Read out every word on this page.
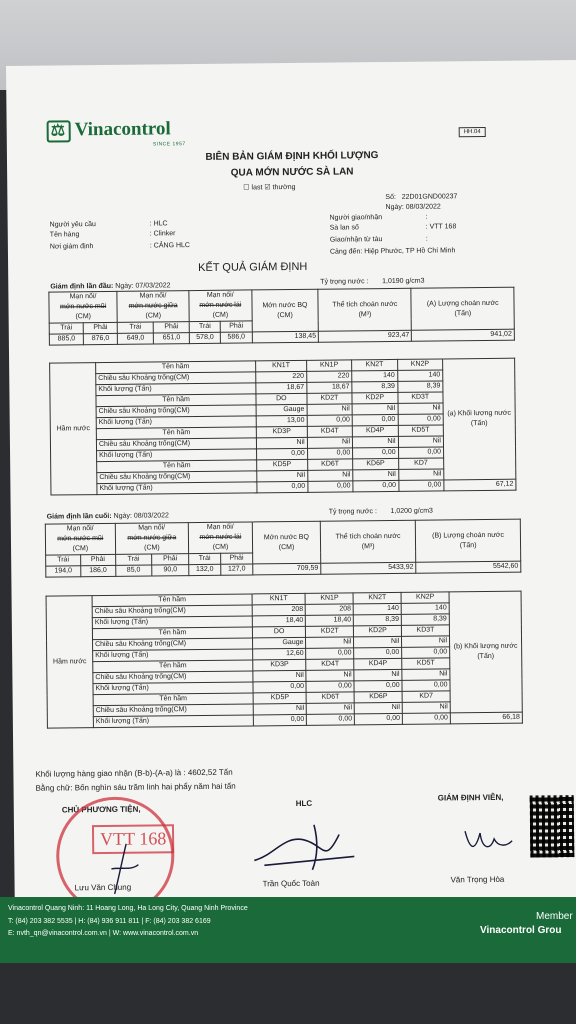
⚖Vinacontrol
SINCE 1957
HH.04
BIÊN BẢN GIÁM ĐỊNH KHỐI LƯỢNG
QUA MỚN NƯỚC SÀ LAN
☐ last ☑ thường
Số: 22D01GND00237
Ngày: 08/03/2022
Người yêu cầu	: HLC
Tên hàng	: Clinker
Nơi giám định	: CẢNG HLC
Người giao/nhận	:
Sà lan số	: VTT 168
Giao/nhận từ tàu	:
Cảng đến: Hiệp Phước, TP Hồ Chí Minh
KẾT QUẢ GIÁM ĐỊNH
Giám định lần đầu: Ngày: 07/03/2022
Tỷ trọng nước : 1,0190 g/cm3
Mạn nối/
mớn nước mũi
(CM)		Mạn nối/
mớn nước giữa
(CM)		Mạn nối/
mớn nước lái
(CM)		Mớn nước BQ
(CM)	Thể tích choán nước
(M³)	(A) Lượng choán nước
(Tấn)
Trái	Phải	Trái	Phải	Trái	Phải			
885,0	876,0	649,0	651,0	578,0	586,0	138,45	923,47	941,02
Hầm nước	Tên hầm	KN1T	KN1P	KN2T	KN2P	(a) Khối lượng nước (Tấn)
	Chiều sâu Khoảng trống(CM)	220	220	140	140	
	Khối lượng (Tấn)	18,67	18,67	8,39	8,39	
	Tên hầm	DO	KD2T	KD2P	KD3T	
	Chiều sâu Khoảng trống(CM)	Gauge	Nil	Nil	Nil	
	Khối lượng (Tấn)	13,00	0,00	0,00	0,00	
	Tên hầm	KD3P	KD4T	KD4P	KD5T	
	Chiều sâu Khoảng trống(CM)	Nil	Nil	Nil	Nil	
	Khối lượng (Tấn)	0,00	0,00	0,00	0,00	
	Tên hầm	KD5P	KD6T	KD6P	KD7	
	Chiều sâu Khoảng trống(CM)	Nil	Nil	Nil	Nil	
	Khối lượng (Tấn)	0,00	0,00	0,00	0,00	67,12
Giám định lần cuối: Ngày: 08/03/2022
Tỷ trọng nước : 1,0200 g/cm3
Mạn nối/
mớn nước mũi
(CM)		Mạn nối/
mớn nước giữa
(CM)		Mạn nối/
mớn nước lái
(CM)		Mớn nước BQ
(CM)	Thể tích choán nước
(M³)	(B) Lượng choán nước
(Tấn)
Trái	Phải	Trái	Phải	Trái	Phải			
194,0	186,0	85,0	90,0	132,0	127,0	709,59	5433,92	5542,60
Hầm nước	Tên hầm	KN1T	KN1P	KN2T	KN2P	(b) Khối lượng nước (Tấn)
	Chiều sâu Khoảng trống(CM)	208	208	140	140	
	Khối lượng (Tấn)	18,40	18,40	8,39	8,39	
	Tên hầm	DO	KD2T	KD2P	KD3T	
	Chiều sâu Khoảng trống(CM)	Gauge	Nil	Nil	Nil	
	Khối lượng (Tấn)	12,60	0,00	0,00	0,00	
	Tên hầm	KD3P	KD4T	KD4P	KD5T	
	Chiều sâu Khoảng trống(CM)	Nil	Nil	Nil	Nil	
	Khối lượng (Tấn)	0,00	0,00	0,00	0,00	
	Tên hầm	KD5P	KD6T	KD6P	KD7	
	Chiều sâu Khoảng trống(CM)	Nil	Nil	Nil	Nil	
	Khối lượng (Tấn)	0,00	0,00	0,00	0,00	66,18
Khối lượng hàng giao nhận (B-b)-(A-a) là : 4602,52 Tấn
Bằng chữ: Bốn nghìn sáu trăm linh hai phẩy năm hai tấn
CHỦ PHƯƠNG TIỆN,
HLC
GIÁM ĐỊNH VIÊN,
VTT 168
Lưu Văn Chung	Trần Quốc Toàn	Văn Trọng Hòa
Vinacontrol Quang Ninh: 11 Hoang Long, Ha Long City, Quang Ninh Province
T: (84) 203 382 5535 | H: (84) 936 911 811 | F: (84) 203 382 6169
E: nvth_qn@vinacontrol.com.vn | W: www.vinacontrol.com.vn
Member
Vinacontrol Grou
